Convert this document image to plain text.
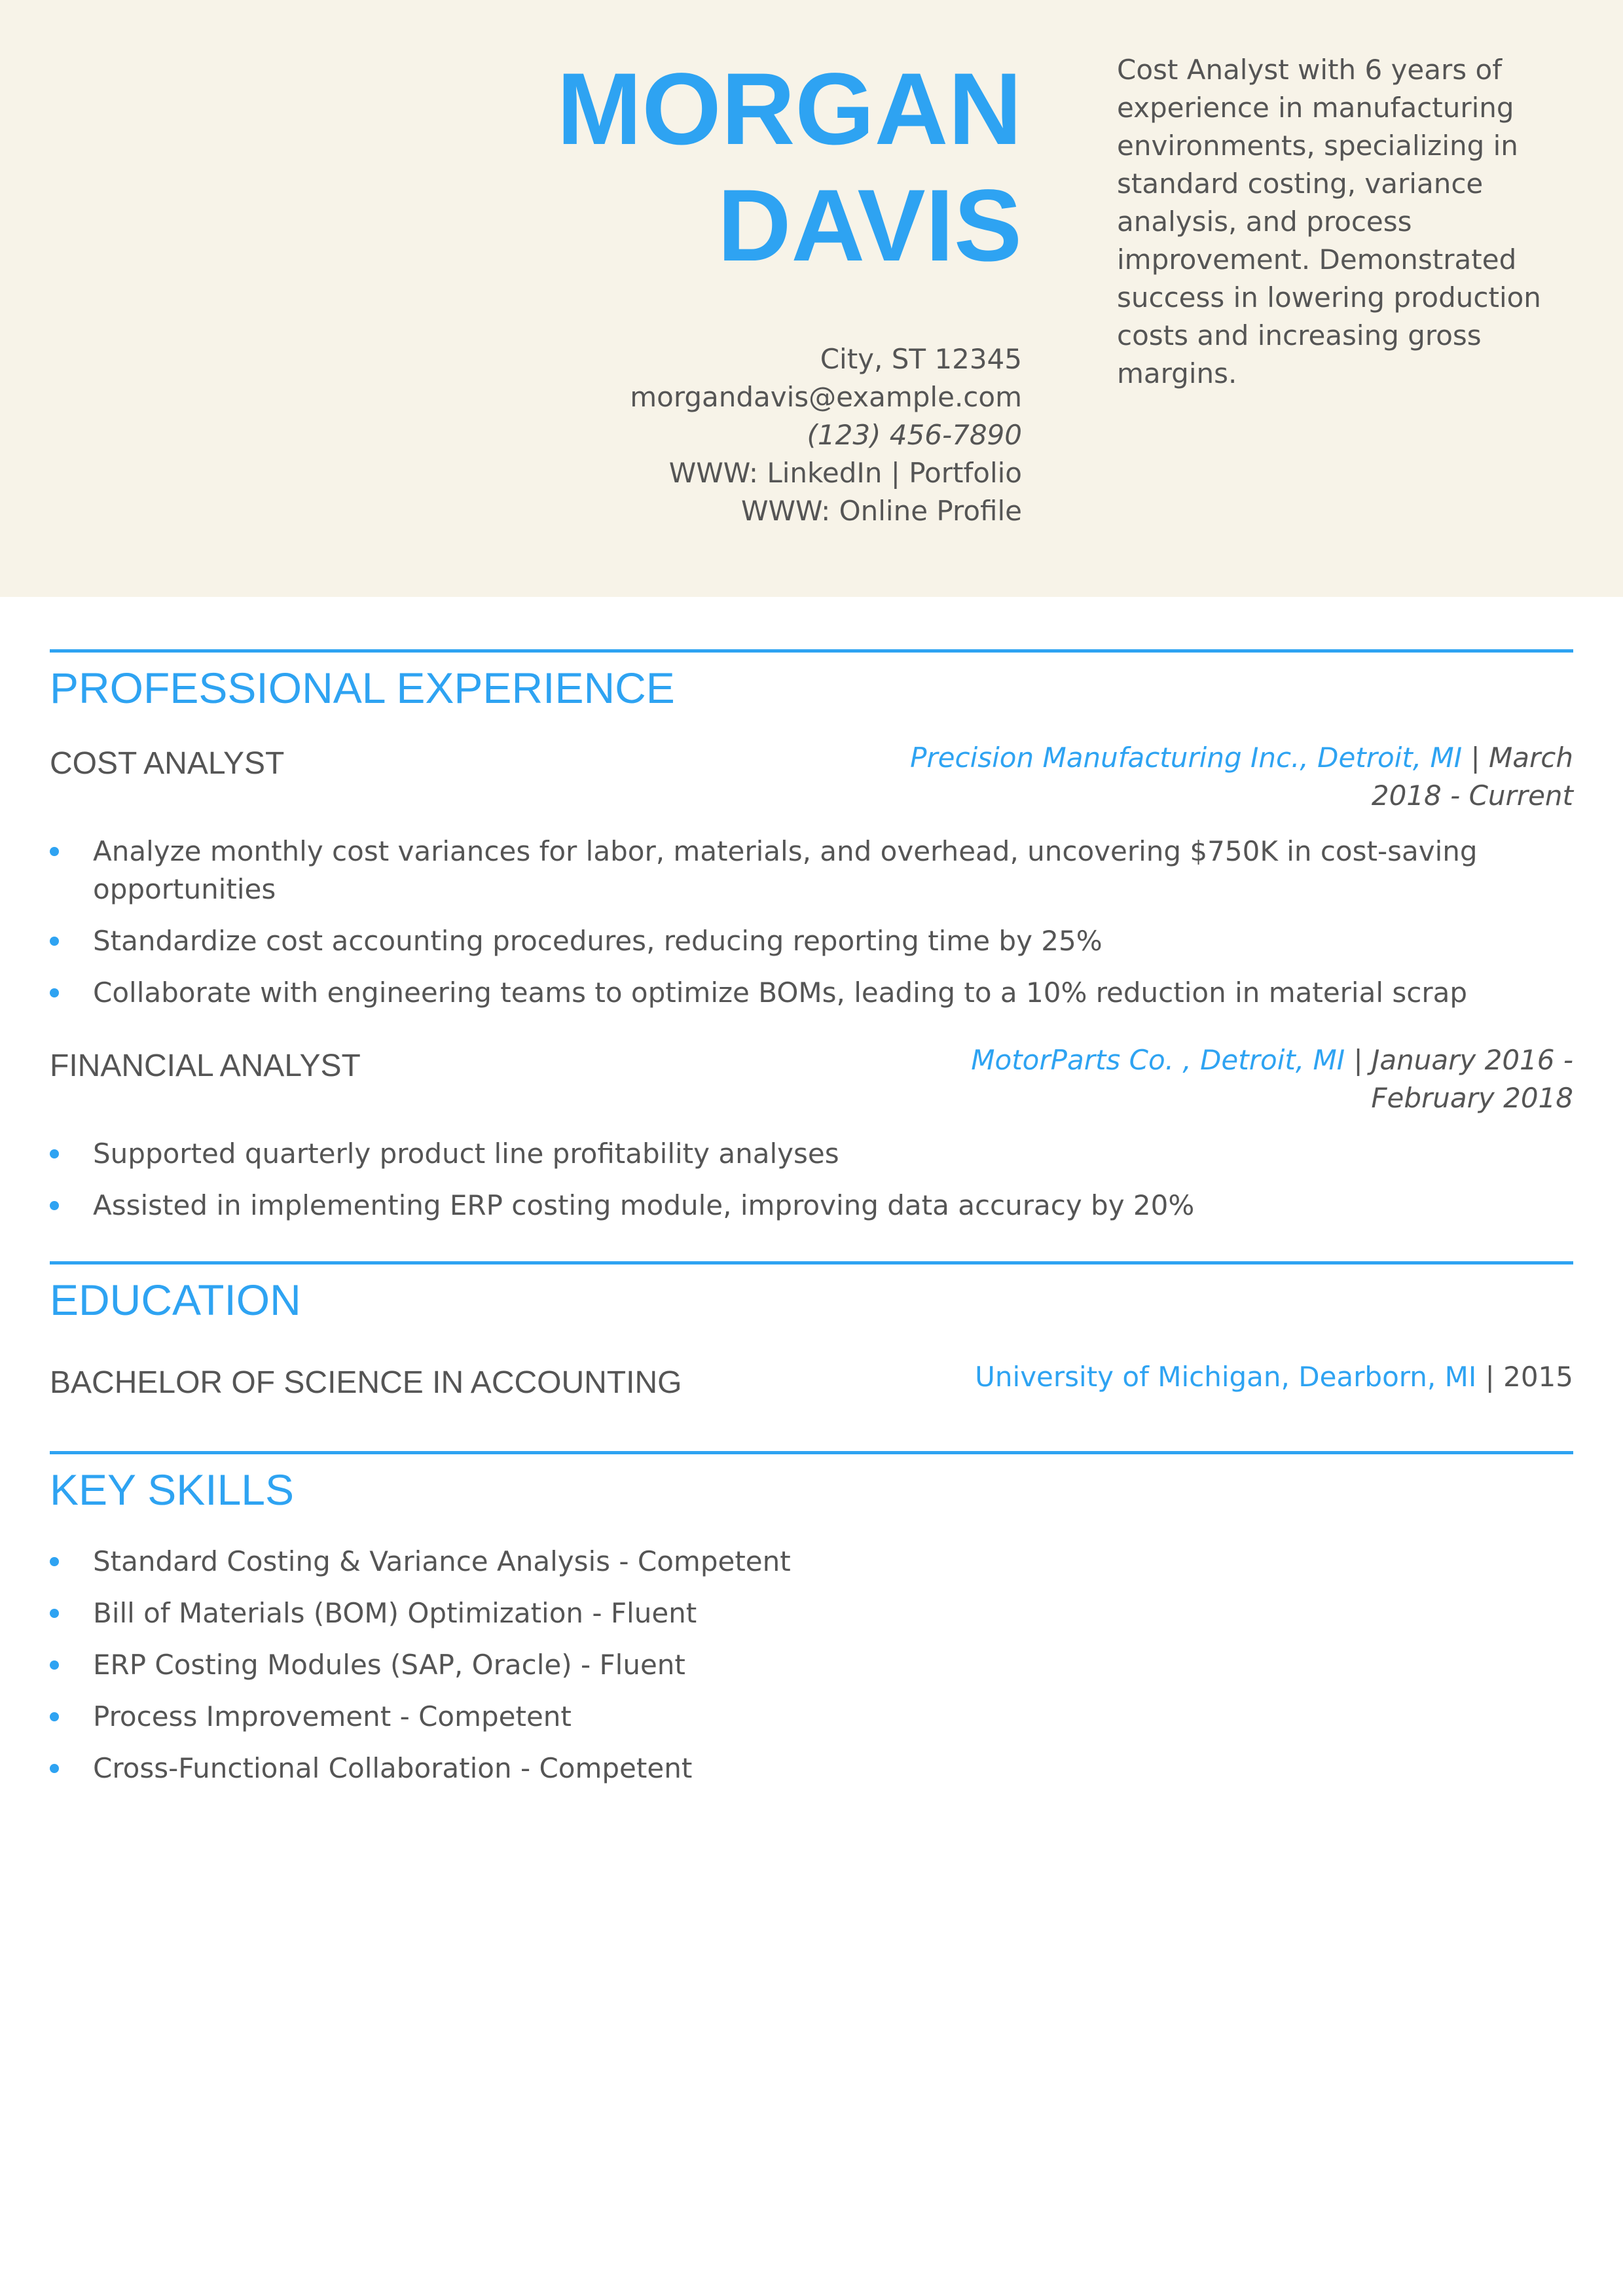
MORGAN
DAVIS
City, ST 12345
morgandavis@example.com
(123) 456-7890
WWW: LinkedIn | Portfolio
WWW: Online Profile
Cost Analyst with 6 years of experience in manufacturing environments, specializing in standard costing, variance analysis, and process improvement. Demonstrated success in lowering production costs and increasing gross margins.
PROFESSIONAL EXPERIENCE
COST ANALYST	Precision Manufacturing Inc., Detroit, MI | March 2018 - Current
Analyze monthly cost variances for labor, materials, and overhead, uncovering $750K in cost-saving opportunities
Standardize cost accounting procedures, reducing reporting time by 25%
Collaborate with engineering teams to optimize BOMs, leading to a 10% reduction in material scrap
FINANCIAL ANALYST	MotorParts Co. , Detroit, MI | January 2016 - February 2018
Supported quarterly product line profitability analyses
Assisted in implementing ERP costing module, improving data accuracy by 20%
EDUCATION
BACHELOR OF SCIENCE IN ACCOUNTING	University of Michigan, Dearborn, MI | 2015
KEY SKILLS
Standard Costing & Variance Analysis - Competent
Bill of Materials (BOM) Optimization - Fluent
ERP Costing Modules (SAP, Oracle) - Fluent
Process Improvement - Competent
Cross-Functional Collaboration - Competent
